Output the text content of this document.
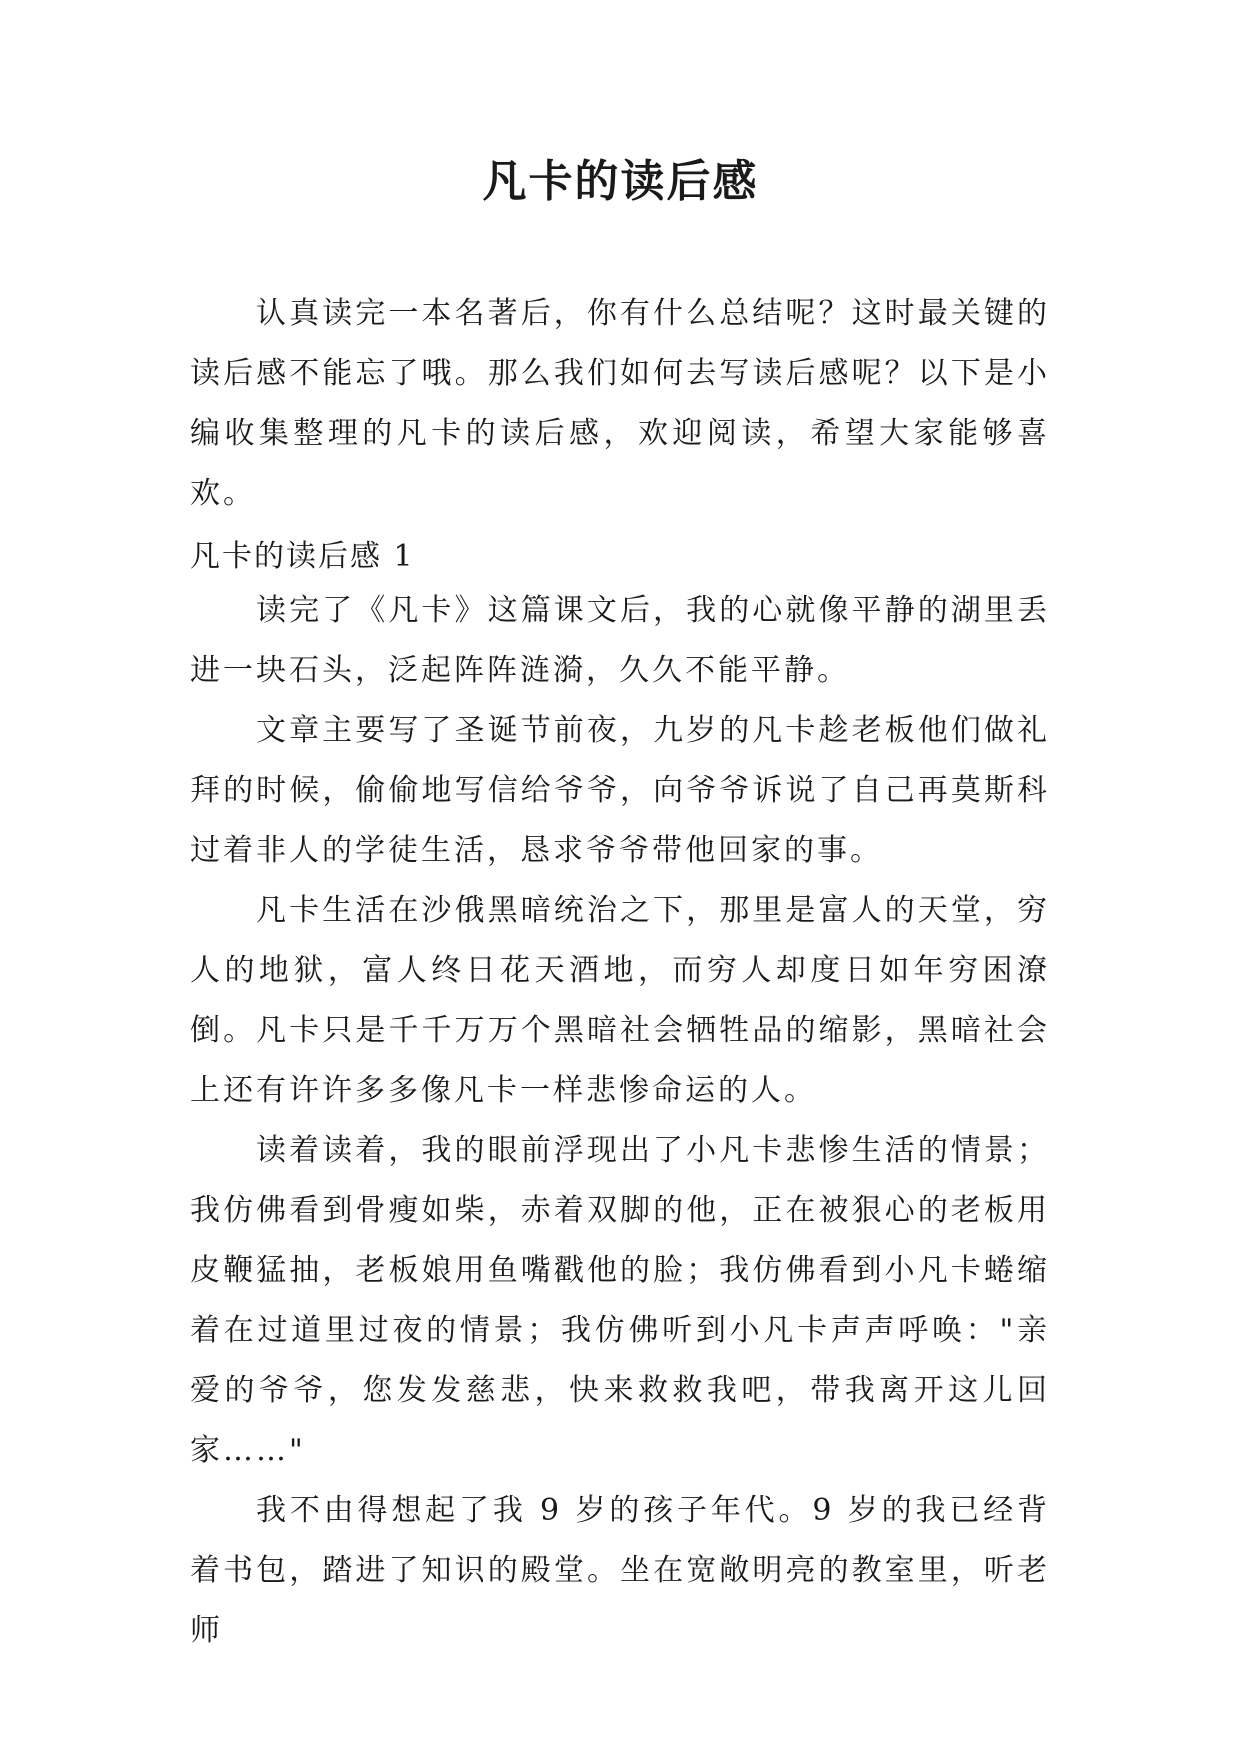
凡卡的读后感

认真读完一本名著后，你有什么总结呢？这时最关键的读后感不能忘了哦。那么我们如何去写读后感呢？以下是小编收集整理的凡卡的读后感，欢迎阅读，希望大家能够喜欢。

凡卡的读后感 1

读完了《凡卡》这篇课文后，我的心就像平静的湖里丢进一块石头，泛起阵阵涟漪，久久不能平静。

文章主要写了圣诞节前夜，九岁的凡卡趁老板他们做礼拜的时候，偷偷地写信给爷爷，向爷爷诉说了自己再莫斯科过着非人的学徒生活，恳求爷爷带他回家的事。

凡卡生活在沙俄黑暗统治之下，那里是富人的天堂，穷人的地狱，富人终日花天酒地，而穷人却度日如年穷困潦倒。凡卡只是千千万万个黑暗社会牺牲品的缩影，黑暗社会上还有许许多多像凡卡一样悲惨命运的人。

读着读着，我的眼前浮现出了小凡卡悲惨生活的情景；我仿佛看到骨瘦如柴，赤着双脚的他，正在被狠心的老板用皮鞭猛抽，老板娘用鱼嘴戳他的脸；我仿佛看到小凡卡蜷缩着在过道里过夜的情景；我仿佛听到小凡卡声声呼唤："亲爱的爷爷，您发发慈悲，快来救救我吧，带我离开这儿回家……"

我不由得想起了我 9 岁的孩子年代。9 岁的我已经背着书包，踏进了知识的殿堂。坐在宽敞明亮的教室里，听老师
